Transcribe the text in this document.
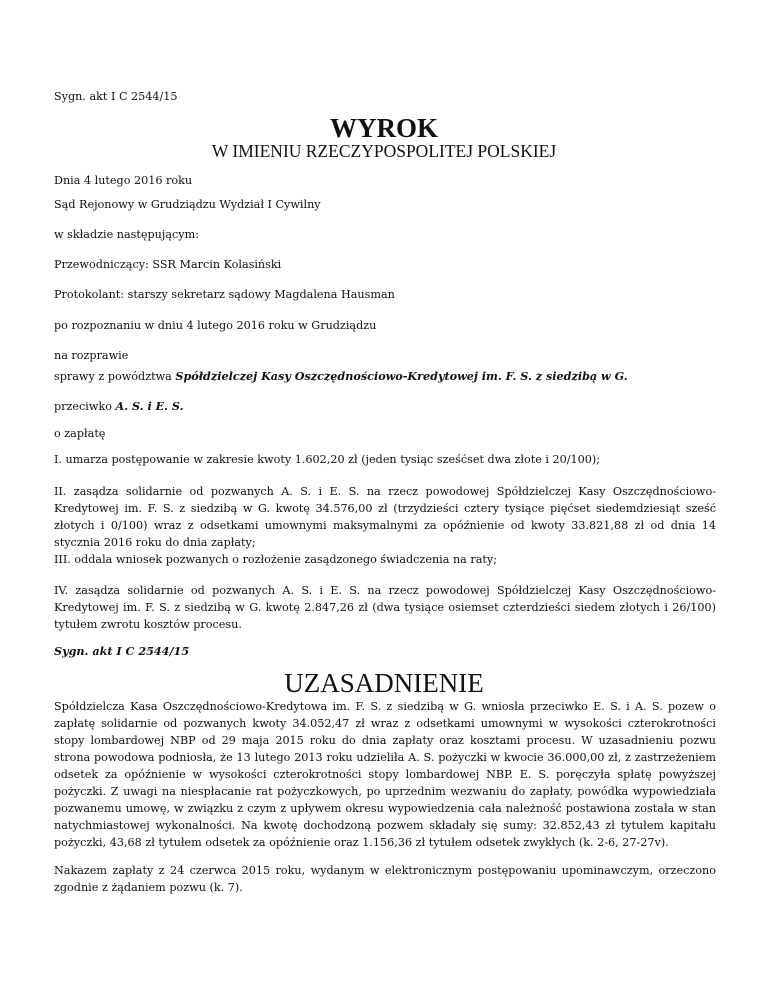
Sygn. akt I C 2544/15

WYROK
W IMIENIU RZECZYPOSPOLITEJ POLSKIEJ

Dnia 4 lutego 2016 roku

Sąd Rejonowy w Grudziądzu Wydział I Cywilny

w składzie następującym:

Przewodniczący: SSR Marcin Kolasiński

Protokolant: starszy sekretarz sądowy Magdalena Hausman

po rozpoznaniu w dniu 4 lutego 2016 roku w Grudziądzu

na rozprawie

sprawy z powództwa Spółdzielczej Kasy Oszczędnościowo-Kredytowej im. F. S. z siedzibą w G.

przeciwko A. S. i E. S.

o zapłatę

I. umarza postępowanie w zakresie kwoty 1.602,20 zł (jeden tysiąc sześćset dwa złote i 20/100);

II. zasądza solidarnie od pozwanych A. S. i E. S. na rzecz powodowej Spółdzielczej Kasy Oszczędnościowo-Kredytowej im. F. S. z siedzibą w G. kwotę 34.576,00 zł (trzydzieści cztery tysiące pięćset siedemdziesiąt sześć złotych i 0/100) wraz z odsetkami umownymi maksymalnymi za opóźnienie od kwoty 33.821,88 zł od dnia 14 stycznia 2016 roku do dnia zapłaty;

III. oddala wniosek pozwanych o rozłożenie zasądzonego świadczenia na raty;

IV. zasądza solidarnie od pozwanych A. S. i E. S. na rzecz powodowej Spółdzielczej Kasy Oszczędnościowo-Kredytowej im. F. S. z siedzibą w G. kwotę 2.847,26 zł (dwa tysiące osiemset czterdzieści siedem złotych i 26/100) tytułem zwrotu kosztów procesu.

Sygn. akt I C 2544/15

UZASADNIENIE

Spółdzielcza Kasa Oszczędnościowo-Kredytowa im. F. S. z siedzibą w G. wniosła przeciwko E. S. i A. S. pozew o zapłatę solidarnie od pozwanych kwoty 34.052,47 zł wraz z odsetkami umownymi w wysokości czterokrotności stopy lombardowej NBP od 29 maja 2015 roku do dnia zapłaty oraz kosztami procesu. W uzasadnieniu pozwu strona powodowa podniosła, że 13 lutego 2013 roku udzieliła A. S. pożyczki w kwocie 36.000,00 zł, z zastrzeżeniem odsetek za opóźnienie w wysokości czterokrotności stopy lombardowej NBP. E. S. poręczyła spłatę powyższej pożyczki. Z uwagi na niespłacanie rat pożyczkowych, po uprzednim wezwaniu do zapłaty, powódka wypowiedziała pozwanemu umowę, w związku z czym z upływem okresu wypowiedzenia cała należność postawiona została w stan natychmiastowej wykonalności. Na kwotę dochodzoną pozwem składały się sumy: 32.852,43 zł tytułem kapitału pożyczki, 43,68 zł tytułem odsetek za opóźnienie oraz 1.156,36 zł tytułem odsetek zwykłych (k. 2-6, 27-27v).

Nakazem zapłaty z 24 czerwca 2015 roku, wydanym w elektronicznym postępowaniu upominawczym, orzeczono zgodnie z żądaniem pozwu (k. 7).
